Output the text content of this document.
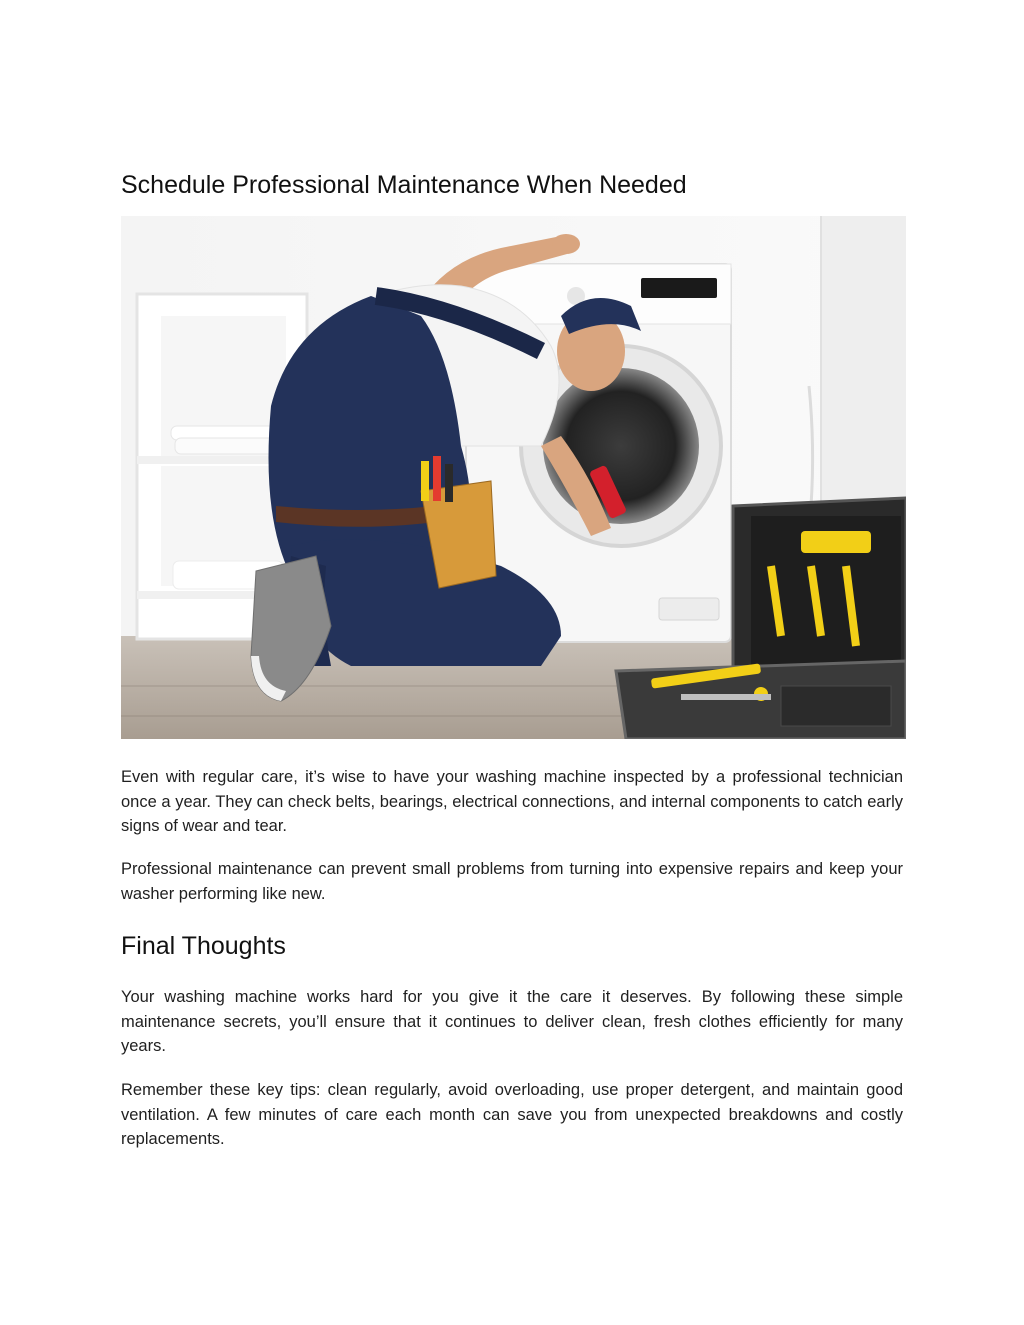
Schedule Professional Maintenance When Needed

Even with regular care, it’s wise to have your washing machine inspected by a professional technician once a year. They can check belts, bearings, electrical connections, and internal components to catch early signs of wear and tear.

Professional maintenance can prevent small problems from turning into expensive repairs and keep your washer performing like new.

Final Thoughts

Your washing machine works hard for you give it the care it deserves. By following these simple maintenance secrets, you’ll ensure that it continues to deliver clean, fresh clothes efficiently for many years.

Remember these key tips: clean regularly, avoid overloading, use proper detergent, and maintain good ventilation. A few minutes of care each month can save you from unexpected breakdowns and costly replacements.
